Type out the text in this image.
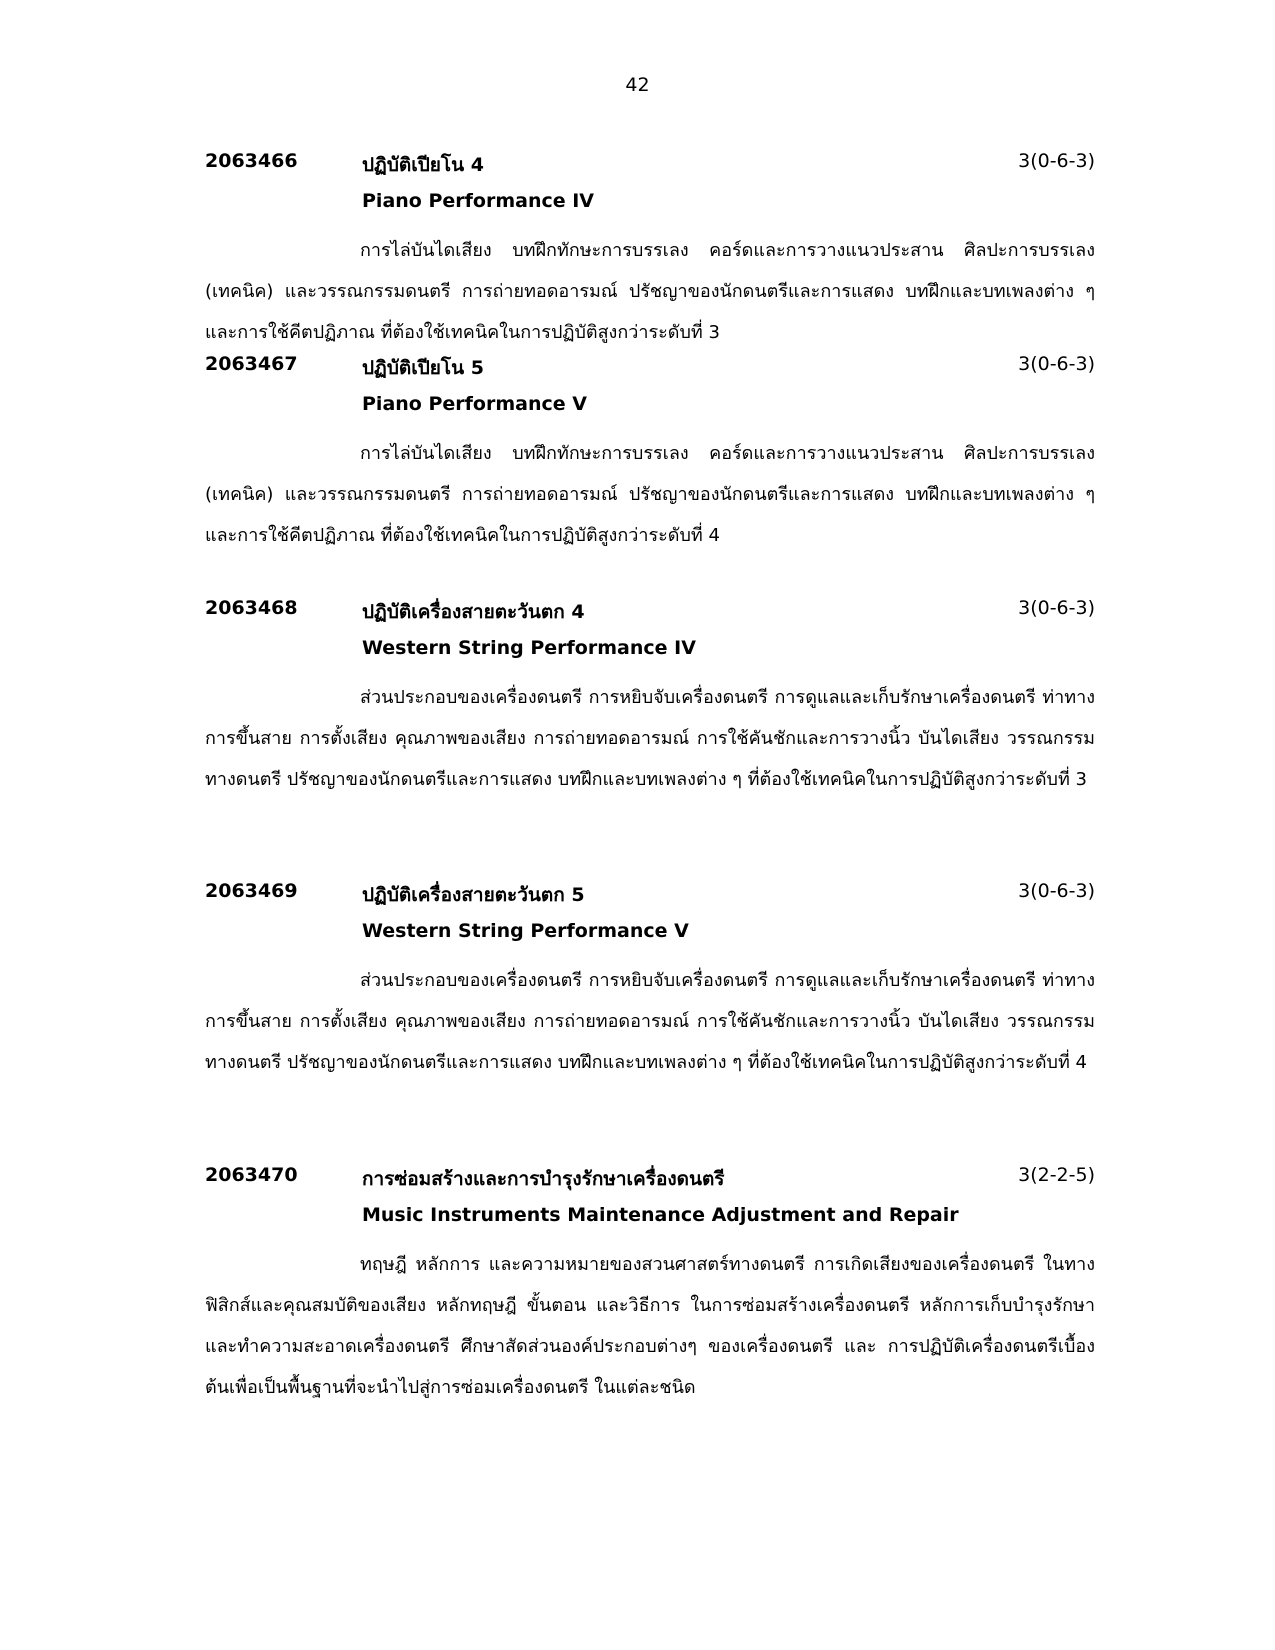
42
2063466	ปฏิบัติเปียโน 4	3(0-6-3)
Piano Performance IV
การไล่บันไดเสียง บทฝึกทักษะการบรรเลง คอร์ดและการวางแนวประสาน ศิลปะการบรรเลง (เทคนิค) และวรรณกรรมดนตรี การถ่ายทอดอารมณ์ ปรัชญาของนักดนตรีและการแสดง บทฝึกและบทเพลงต่าง ๆ และการใช้คีตปฏิภาณ ที่ต้องใช้เทคนิคในการปฏิบัติสูงกว่าระดับที่ 3
2063467	ปฏิบัติเปียโน 5	3(0-6-3)
Piano Performance V
การไล่บันไดเสียง บทฝึกทักษะการบรรเลง คอร์ดและการวางแนวประสาน ศิลปะการบรรเลง (เทคนิค) และวรรณกรรมดนตรี การถ่ายทอดอารมณ์ ปรัชญาของนักดนตรีและการแสดง บทฝึกและบทเพลงต่าง ๆ และการใช้คีตปฏิภาณ ที่ต้องใช้เทคนิคในการปฏิบัติสูงกว่าระดับที่ 4
2063468	ปฏิบัติเครื่องสายตะวันตก 4	3(0-6-3)
Western String Performance IV
ส่วนประกอบของเครื่องดนตรี การหยิบจับเครื่องดนตรี การดูแลและเก็บรักษาเครื่องดนตรี ท่าทาง การขึ้นสาย การตั้งเสียง คุณภาพของเสียง การถ่ายทอดอารมณ์ การใช้คันชักและการวางนิ้ว บันไดเสียง วรรณกรรมทางดนตรี ปรัชญาของนักดนตรีและการแสดง บทฝึกและบทเพลงต่าง ๆ ที่ต้องใช้เทคนิคในการปฏิบัติสูงกว่าระดับที่ 3
2063469	ปฏิบัติเครื่องสายตะวันตก 5	3(0-6-3)
Western String Performance V
ส่วนประกอบของเครื่องดนตรี การหยิบจับเครื่องดนตรี การดูแลและเก็บรักษาเครื่องดนตรี ท่าทาง การขึ้นสาย การตั้งเสียง คุณภาพของเสียง การถ่ายทอดอารมณ์ การใช้คันชักและการวางนิ้ว บันไดเสียง วรรณกรรมทางดนตรี ปรัชญาของนักดนตรีและการแสดง บทฝึกและบทเพลงต่าง ๆ ที่ต้องใช้เทคนิคในการปฏิบัติสูงกว่าระดับที่ 4
2063470	การซ่อมสร้างและการบำรุงรักษาเครื่องดนตรี	3(2-2-5)
Music Instruments Maintenance Adjustment and Repair
ทฤษฎี หลักการ และความหมายของสวนศาสตร์ทางดนตรี การเกิดเสียงของเครื่องดนตรี ในทางฟิสิกส์และคุณสมบัติของเสียง หลักทฤษฎี ขั้นตอน และวิธีการ ในการซ่อมสร้างเครื่องดนตรี หลักการเก็บบำรุงรักษาและทำความสะอาดเครื่องดนตรี ศึกษาสัดส่วนองค์ประกอบต่างๆ ของเครื่องดนตรี และ การปฏิบัติเครื่องดนตรีเบื้องต้นเพื่อเป็นพื้นฐานที่จะนำไปสู่การซ่อมเครื่องดนตรี ในแต่ละชนิด
